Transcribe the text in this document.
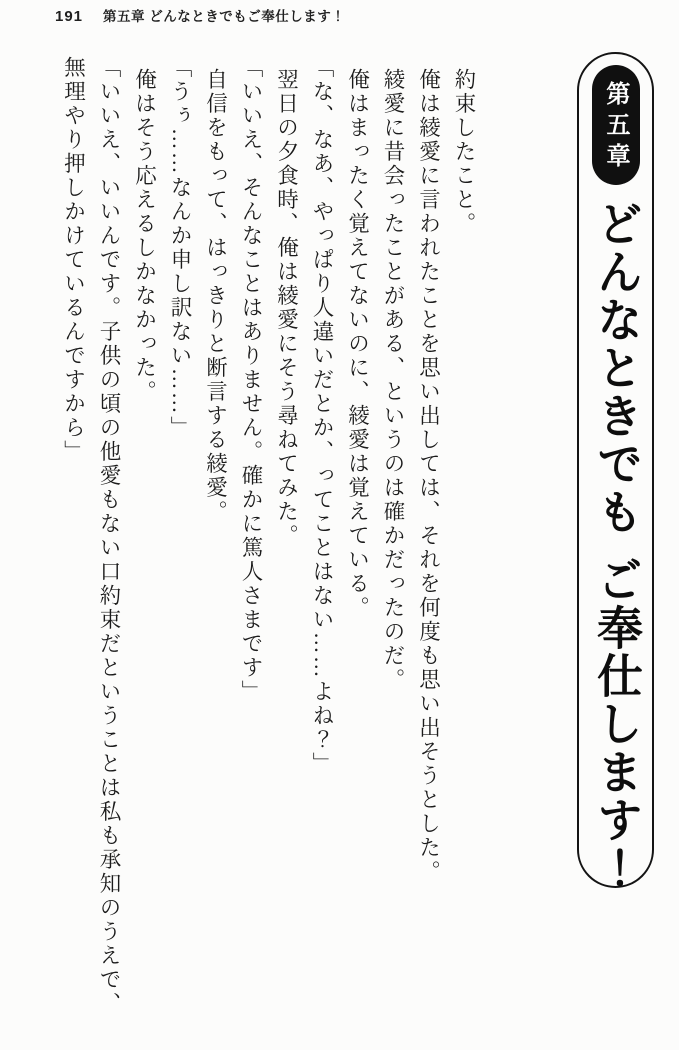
191 第五章 どんなときでもご奉仕します！

約束したこと。

俺は綾愛に言われたことを思い出しては、それを何度も思い出そうとした。

綾愛に昔会ったことがある、というのは確かだったのだ。

俺はまったく覚えてないのに、綾愛は覚えている。

「な、なあ、やっぱり人違いだとか、ってことはない……よね？」

翌日の夕食時、俺は綾愛にそう尋ねてみた。

「いいえ、そんなことはありません。確かに篤人さまです」

自信をもって、はっきりと断言する綾愛。

「うぅ……なんか申し訳ない……」

俺はそう応えるしかなかった。

「いいえ、いいんです。子供の頃の他愛もない口約束だということは私も承知のうえで、

無理やり押しかけているんですから」	第五章
どんなときでもご奉仕します！
